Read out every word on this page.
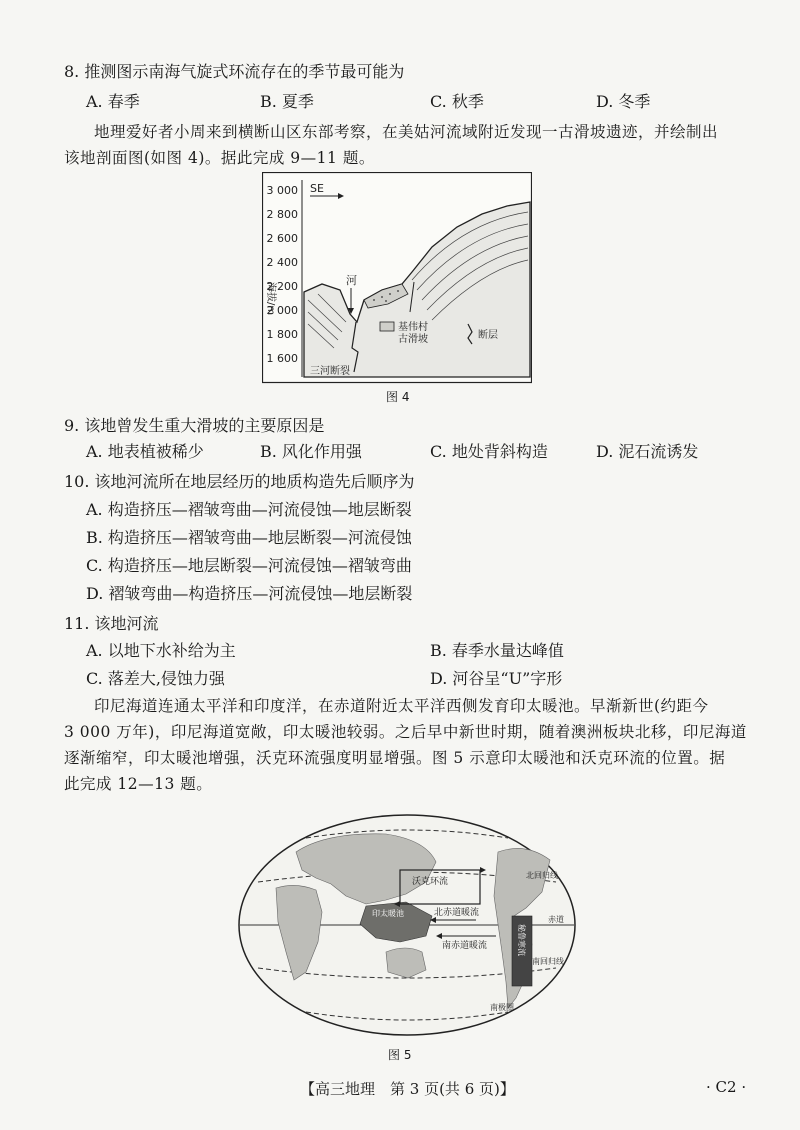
8. 推测图示南海气旋式环流存在的季节最可能为
A. 春季	B. 夏季	C. 秋季	D. 冬季
地理爱好者小周来到横断山区东部考察，在美姑河流域附近发现一古滑坡遗迹，并绘制出
该地剖面图(如图 4)。据此完成 9—11 题。
3 000
2 800
2 600
2 400
2 200
2 000
1 800
1 600
海拔/m
SE
河
三河断裂
基伟村
古滑坡	断层
图 4
9. 该地曾发生重大滑坡的主要原因是
A. 地表植被稀少	B. 风化作用强	C. 地处背斜构造	D. 泥石流诱发
10. 该地河流所在地层经历的地质构造先后顺序为
A. 构造挤压—褶皱弯曲—河流侵蚀—地层断裂
B. 构造挤压—褶皱弯曲—地层断裂—河流侵蚀
C. 构造挤压—地层断裂—河流侵蚀—褶皱弯曲
D. 褶皱弯曲—构造挤压—河流侵蚀—地层断裂
11. 该地河流
A. 以地下水补给为主	B. 春季水量达峰值
C. 落差大,侵蚀力强	D. 河谷呈“U”字形
印尼海道连通太平洋和印度洋，在赤道附近太平洋西侧发育印太暖池。早渐新世(约距今
3 000 万年)，印尼海道宽敞，印太暖池较弱。之后早中新世时期，随着澳洲板块北移，印尼海道
逐渐缩窄，印太暖池增强，沃克环流强度明显增强。图 5 示意印太暖池和沃克环流的位置。据
此完成 12—13 题。
沃克环流
北赤道暖流
南赤道暖流
印太暖池
秘鲁寒流
北回归线
赤道
南回归线
南极圈
图 5
【高三地理　第 3 页(共 6 页)】	· C2 ·
